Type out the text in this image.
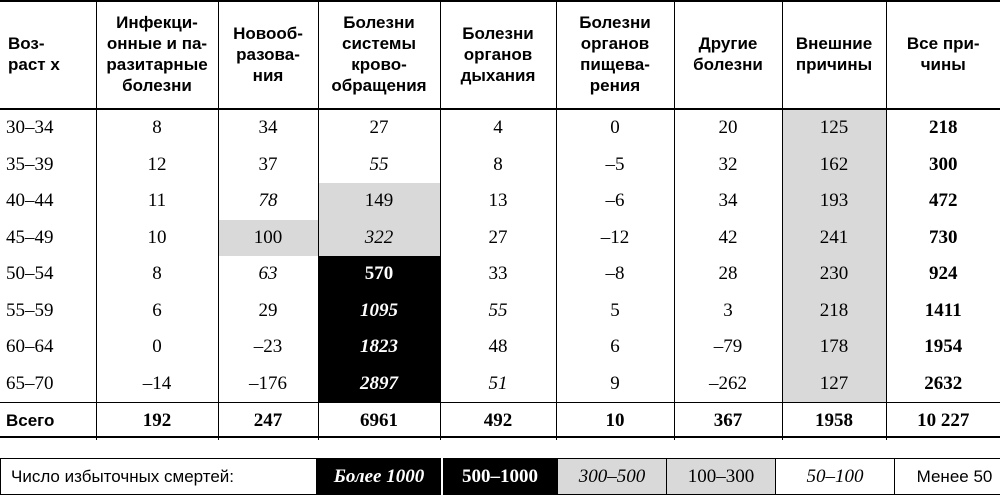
Воз-
раст x	Инфекци-
онные и па-
разитарные
болезни	Новооб-
разова-
ния	Болезни
системы
крово-
обращения	Болезни
органов
дыхания	Болезни
органов
пищева-
рения	Другие
болезни	Внешние
причины	Все при-
чины
30–34	8	34	27	4	0	20	125	218
35–39	12	37	55	8	–5	32	162	300
40–44	11	78	149	13	–6	34	193	472
45–49	10	100	322	27	–12	42	241	730
50–54	8	63	570	33	–8	28	230	924
55–59	6	29	1095	55	5	3	218	1411
60–64	0	–23	1823	48	6	–79	178	1954
65–70	–14	–176	2897	51	9	–262	127	2632
Всего	192	247	6961	492	10	367	1958	10 227
Число избыточных смертей:	Более 1000	500–1000	300–500	100–300	50–100	Менее 50
